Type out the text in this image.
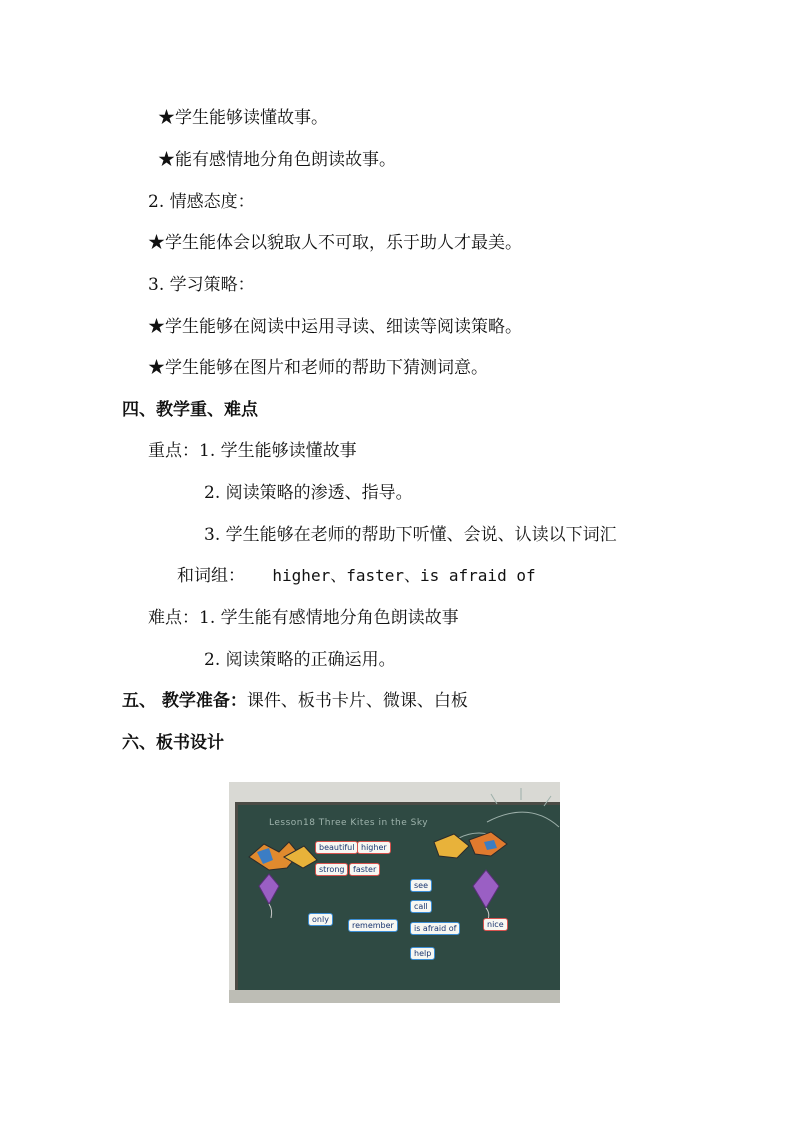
★学生能够读懂故事。
★能有感情地分角色朗读故事。
2. 情感态度：
★学生能体会以貌取人不可取，乐于助人才最美。
3. 学习策略：
★学生能够在阅读中运用寻读、细读等阅读策略。
★学生能够在图片和老师的帮助下猜测词意。
四、教学重、难点
重点：1. 学生能够读懂故事
2. 阅读策略的渗透、指导。
3. 学生能够在老师的帮助下听懂、会说、认读以下词汇
和词组： higher、faster、is afraid of
难点：1. 学生能有感情地分角色朗读故事
2. 阅读策略的正确运用。
五、 教学准备：课件、板书卡片、微课、白板
六、板书设计
Lesson18 Three Kites in the Sky
beautiful higher
strong	faster
see
call
only
remember	is afraid of	nice
help
